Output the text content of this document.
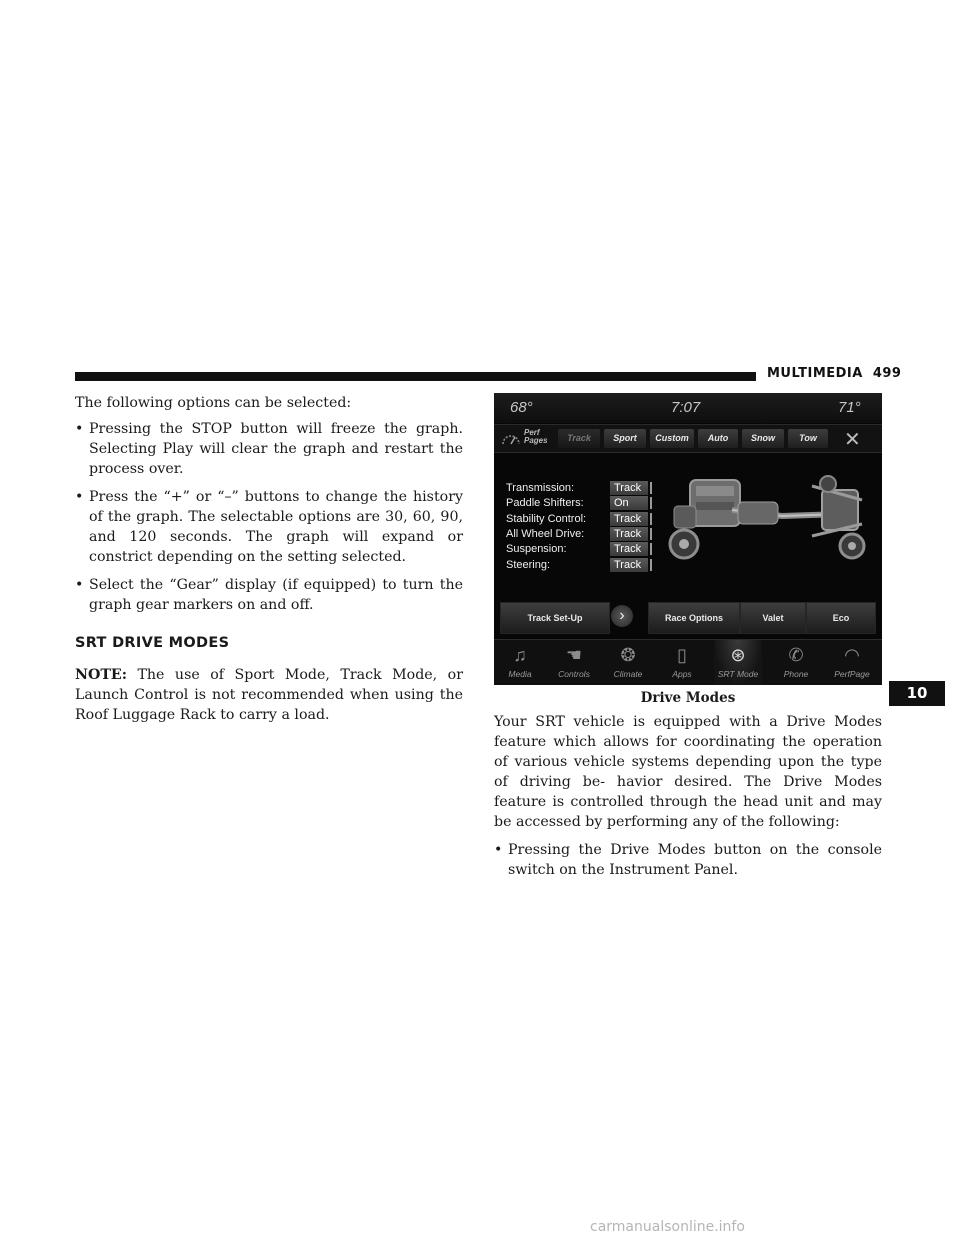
MULTIMEDIA 499

The following options can be selected:

• Pressing the STOP button will freeze the graph. Selecting Play will clear the graph and restart the process over.

• Press the “+” or “–” buttons to change the history of the graph. The selectable options are 30, 60, 90, and 120 seconds. The graph will expand or constrict depending on the setting selected.

• Select the “Gear” display (if equipped) to turn the graph gear markers on and off.

SRT DRIVE MODES

NOTE: The use of Sport Mode, Track Mode, or Launch Control is not recommended when using the Roof Luggage Rack to carry a load.

68°	7:07	71°
Perf
Pages	Track	Sport	Custom	Auto	Snow	Tow	✕
Transmission:	Track
Paddle Shifters:	On
Stability Control:	Track
All Wheel Drive:	Track
Suspension:	Track
Steering:	Track
Track Set-Up	›	Race Options	Valet	Eco
♫
Media
☚
Controls
❂
Climate
▯
Apps
⊛
SRT Mode
✆
Phone
◠
PerfPage
Drive Modes

Your SRT vehicle is equipped with a Drive Modes feature which allows for coordinating the operation of various vehicle systems depending upon the type of driving be- havior desired. The Drive Modes feature is controlled through the head unit and may be accessed by performing any of the following:

• Pressing the Drive Modes button on the console switch on the Instrument Panel.

10
carmanualsonline.info
